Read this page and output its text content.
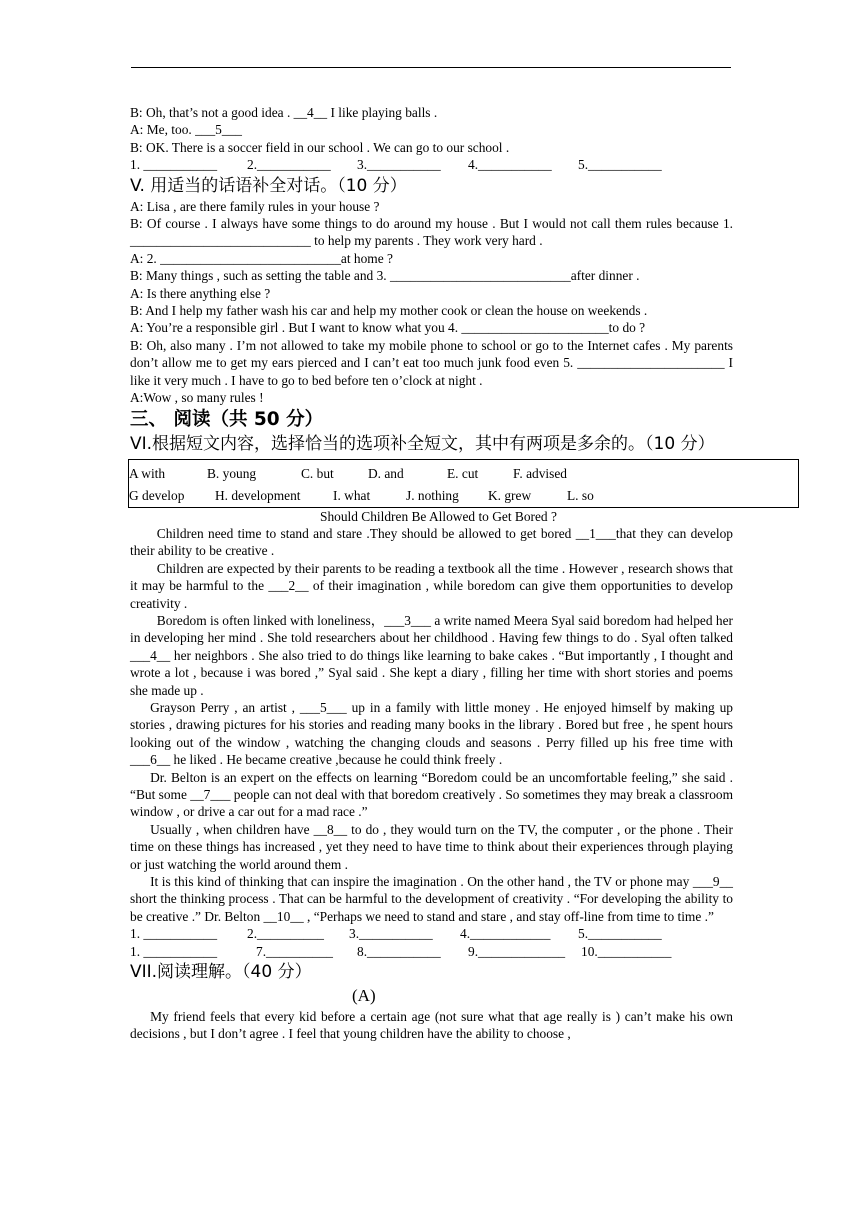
B: Oh, that’s not a good idea . __4__ I like playing balls .

A: Me, too. ___5___

B: OK. There is a soccer field in our school . We can go to our school .

1. ___________	2.___________	3.___________	4.___________	5.___________

V. 用适当的话语补全对话。（10 分）

A: Lisa , are there family rules in your house ?

B: Of course . I always have some things to do around my house . But I would not call them rules because 1. ___________________________ to help my parents . They work very hard .

A: 2. ___________________________at home ?

B: Many things , such as setting the table and 3. ___________________________after dinner .

A: Is there anything else ?

B: And I help my father wash his car and help my mother cook or clean the house on weekends .

A: You’re a responsible girl . But I want to know what you 4. ______________________to do ?

B: Oh, also many . I’m not allowed to take my mobile phone to school or go to the Internet cafes . My parents don’t allow me to get my ears pierced and I can’t eat too much junk food even 5. ______________________ I like it very much . I have to go to bed before ten o’clock at night .

A:Wow , so many rules !

三、 阅读（共 50 分）

VI.根据短文内容，选择恰当的选项补全短文，其中有两项是多余的。（10 分）

A with	B. young	C. but	D. and	E. cut	F. advised
G develop	H. development	I. what	J. nothing	K. grew	L. so

Should Children Be Allowed to Get Bored ?

Children need time to stand and stare .They should be allowed to get bored __1___that they can develop their ability to be creative .

Children are expected by their parents to be reading a textbook all the time . However , research shows that it may be harmful to the ___2__ of their imagination , while boredom can give them opportunities to develop creativity .

Boredom is often linked with loneliness，___3___ a write named Meera Syal said boredom had helped her in developing her mind . She told researchers about her childhood . Having few things to do . Syal often talked ___4__ her neighbors . She also tried to do things like learning to bake cakes . “But importantly , I thought and wrote a lot , because i was bored ,” Syal said . She kept a diary , filling her time with short stories and poems she made up .

Grayson Perry , an artist , ___5___ up in a family with little money . He enjoyed himself by making up stories , drawing pictures for his stories and reading many books in the library . Bored but free , he spent hours looking out of the window , watching the changing clouds and seasons . Perry filled up his free time with ___6__ he liked . He became creative ,because he could think freely .

Dr. Belton is an expert on the effects on learning “Boredom could be an uncomfortable feeling,” she said . “But some __7___ people can not deal with that boredom creatively . So sometimes they may break a classroom window , or drive a car out for a mad race .”

Usually , when children have __8__ to do , they would turn on the TV, the computer , or the phone . Their time on these things has increased , yet they need to have time to think about their experiences through playing or just watching the world around them .

It is this kind of thinking that can inspire the imagination . On the other hand , the TV or phone may ___9__ short the thinking process . That can be harmful to the development of creativity . “For developing the ability to be creative .” Dr. Belton __10__ , “Perhaps we need to stand and stare , and stay off-line from time to time .”

1. ___________	2.__________	3.___________	4.____________	5.___________
1. ___________	7.__________	8.___________	9._____________	10.___________

VII.阅读理解。（40 分）

(A)

My friend feels that every kid before a certain age (not sure what that age really is ) can’t make his own decisions , but I don’t agree . I feel that young children have the ability to choose ,
